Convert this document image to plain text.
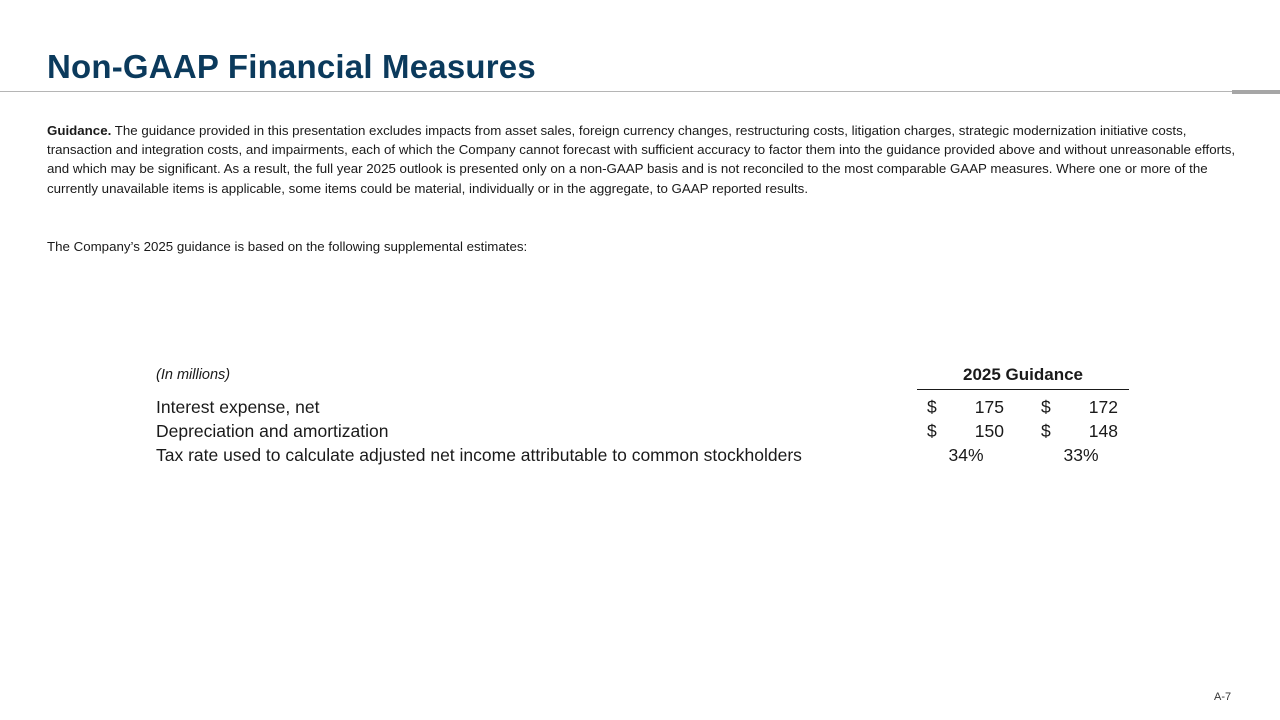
Non-GAAP Financial Measures

Guidance. The guidance provided in this presentation excludes impacts from asset sales, foreign currency changes, restructuring costs, litigation charges, strategic modernization initiative costs, transaction and integration costs, and impairments, each of which the Company cannot forecast with sufficient accuracy to factor them into the guidance provided above and without unreasonable efforts, and which may be significant. As a result, the full year 2025 outlook is presented only on a non-GAAP basis and is not reconciled to the most comparable GAAP measures. Where one or more of the currently unavailable items is applicable, some items could be material, individually or in the aggregate, to GAAP reported results.

The Company’s 2025 guidance is based on the following supplemental estimates:

(In millions)	2025 Guidance
Interest expense, net	$	175 $	172
Depreciation and amortization	$	150 $	148
Tax rate used to calculate adjusted net income attributable to common stockholders	34%	33%
A-7
